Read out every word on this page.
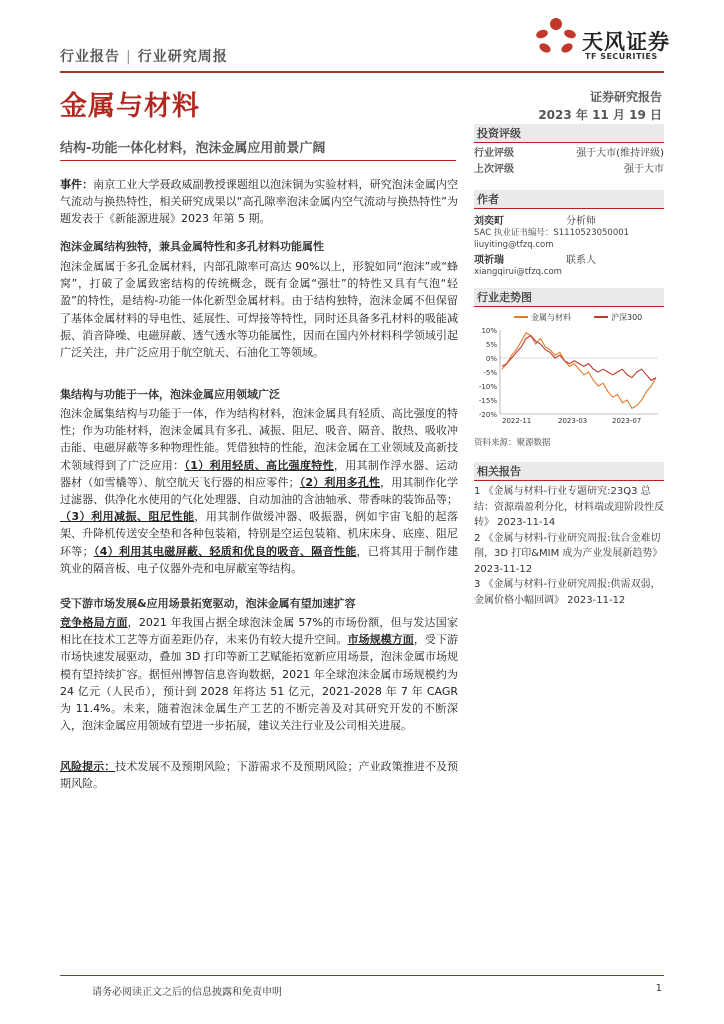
行业报告 | 行业研究周报
天风证券
TF SECURITIES
金属与材料	证券研究报告
2023 年 11 月 19 日
结构-功能一体化材料，泡沫金属应用前景广阔
事件：南京工业大学聂政威副教授课题组以泡沫铜为实验材料，研究泡沫金属内空气流动与换热特性，相关研究成果以“高孔隙率泡沫金属内空气流动与换热特性”为题发表于《新能源进展》2023 年第 5 期。
泡沫金属结构独特，兼具金属特性和多孔材料功能属性
泡沫金属属于多孔金属材料，内部孔隙率可高达 90%以上，形貌如同“泡沫”或“蜂窝”，打破了金属致密结构的传统概念，既有金属“强壮”的特性又具有气泡“轻盈”的特性，是结构-功能一体化新型金属材料。由于结构独特，泡沫金属不但保留了基体金属材料的导电性、延展性、可焊接等特性，同时还具备多孔材料的吸能减振、消音降噪、电磁屏蔽、透气透水等功能属性，因而在国内外材料科学领域引起广泛关注，并广泛应用于航空航天、石油化工等领域。
集结构与功能于一体，泡沫金属应用领域广泛
泡沫金属集结构与功能于一体，作为结构材料，泡沫金属具有轻质、高比强度的特性；作为功能材料，泡沫金属具有多孔、减振、阻尼、吸音、隔音、散热、吸收冲击能、电磁屏蔽等多种物理性能。凭借独特的性能，泡沫金属在工业领域及高新技术领域得到了广泛应用：（1）利用轻质、高比强度特性，用其制作浮水器、运动器材（如雪橇等）、航空航天飞行器的相应零件；（2）利用多孔性，用其制作化学过滤器、供净化水使用的气化处理器、自动加油的含油轴承、带香味的装饰品等；（3）利用减振、阻尼性能，用其制作做缓冲器、吸振器，例如宇宙飞船的起落架、升降机传送安全垫和各种包装箱，特别是空运包装箱、机床床身、底座、阻尼环等；（4）利用其电磁屏蔽、轻质和优良的吸音、隔音性能，已将其用于制作建筑业的隔音板、电子仪器外壳和电屏蔽室等结构。
受下游市场发展&应用场景拓宽驱动，泡沫金属有望加速扩容
竞争格局方面，2021 年我国占据全球泡沫金属 57%的市场份额，但与发达国家相比在技术工艺等方面差距仍存，未来仍有较大提升空间。市场规模方面，受下游市场快速发展驱动，叠加 3D 打印等新工艺赋能拓宽新应用场景，泡沫金属市场规模有望持续扩容。据恒州博智信息咨询数据，2021 年全球泡沫金属市场规模约为 24 亿元（人民币），预计到 2028 年将达 51 亿元，2021-2028 年 7 年 CAGR 为 11.4%。未来，随着泡沫金属生产工艺的不断完善及对其研究开发的不断深入，泡沫金属应用领域有望进一步拓展，建议关注行业及公司相关进展。
风险提示：技术发展不及预期风险；下游需求不及预期风险；产业政策推进不及预期风险。
投资评级
行业评级	强于大市(维持评级)
上次评级	强于大市
作者
刘奕町	分析师
SAC 执业证书编号：S1110523050001
liuyiting@tfzq.com
项祈瑞	联系人
xiangqirui@tfzq.com
行业走势图
金属与材料	沪深300
10%
5%
0%
-5%
-10%
-15%
-20%
2022-11	2023-03	2023-07
资料来源：聚源数据
相关报告
1 《金属与材料-行业专题研究:23Q3 总结：资源端盈利分化，材料端或迎阶段性反转》 2023-11-14
2 《金属与材料-行业研究周报:钛合金难切削，3D 打印&MIM 成为产业发展新趋势》 2023-11-12
3 《金属与材料-行业研究周报:供需双弱，金属价格小幅回调》 2023-11-12
请务必阅读正文之后的信息披露和免责申明	1
